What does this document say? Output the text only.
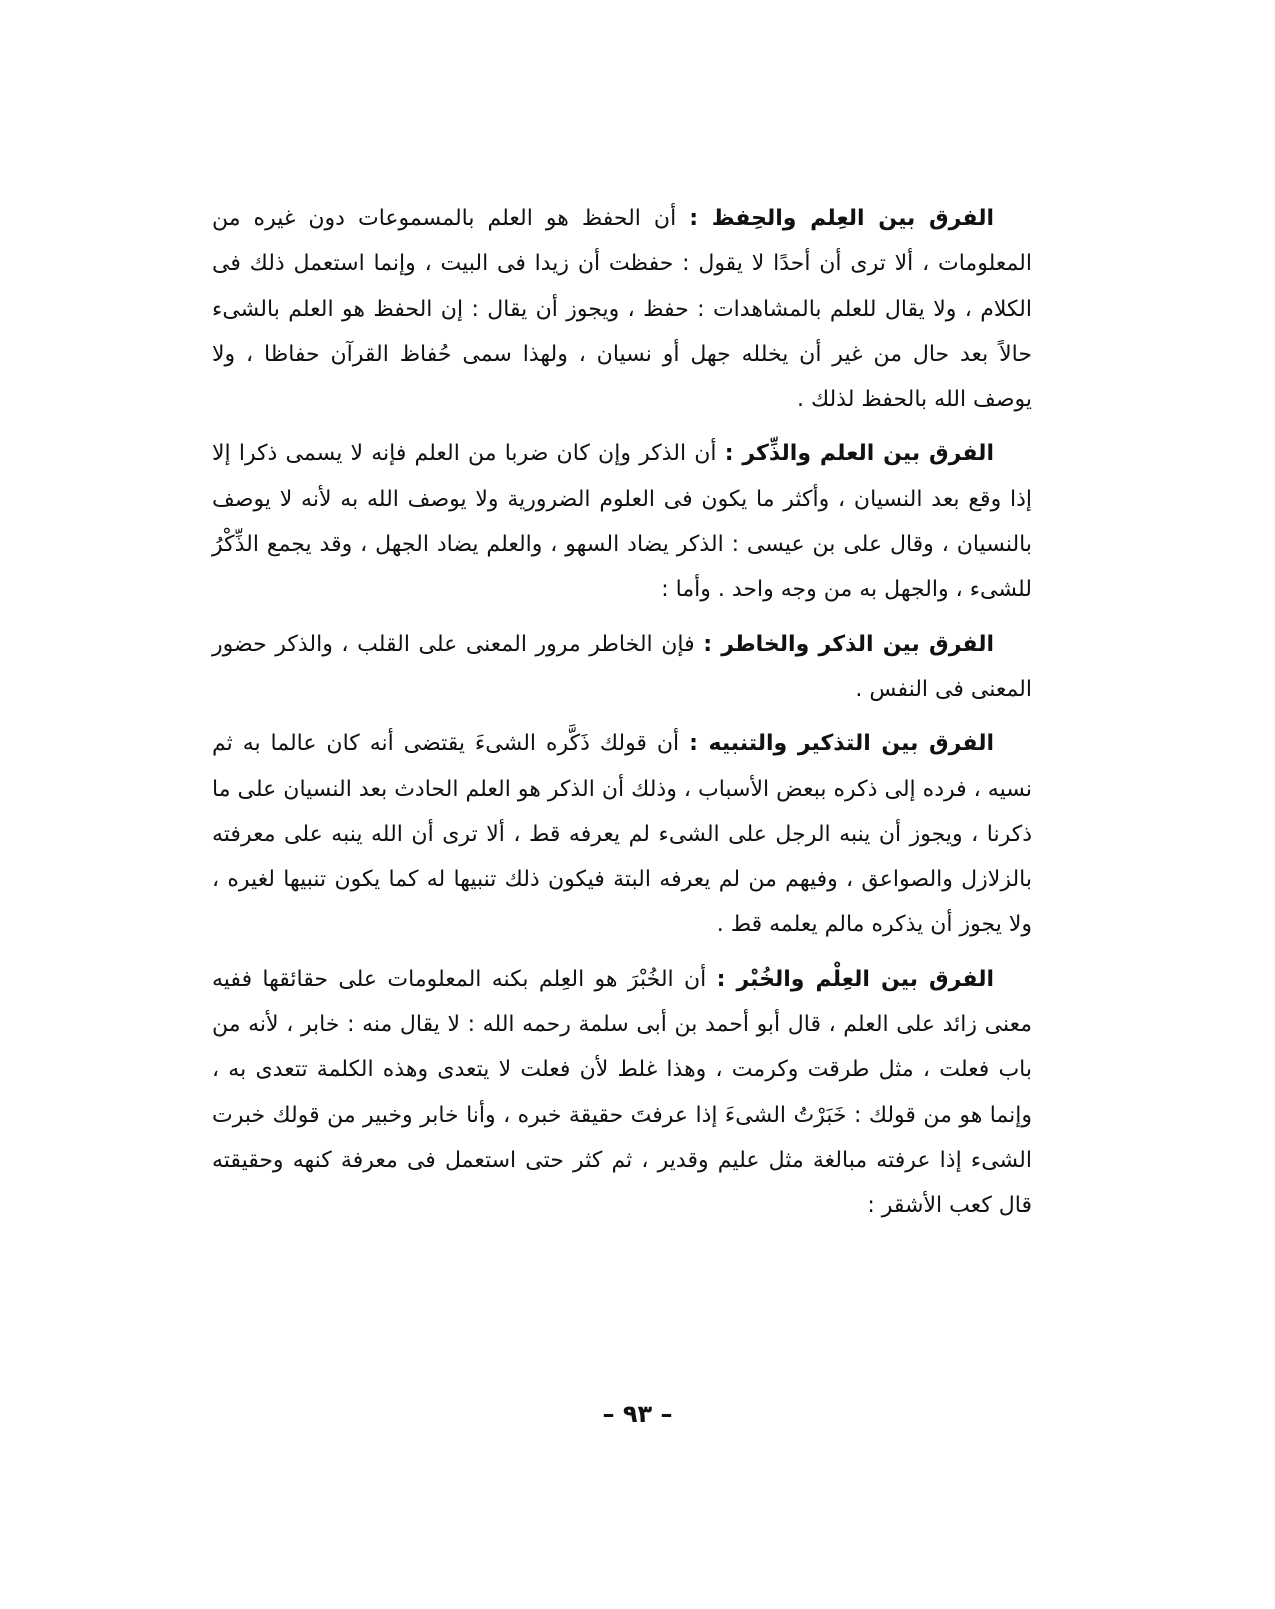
الفرق بين العِلم والحِفظ : أن الحفظ هو العلم بالمسموعات دون غيره من المعلومات ، ألا ترى أن أحدًا لا يقول : حفظت أن زيدا فى البيت ، وإنما استعمل ذلك فى الكلام ، ولا يقال للعلم بالمشاهدات : حفظ ، ويجوز أن يقال : إن الحفظ هو العلم بالشىء حالاً بعد حال من غير أن يخلله جهل أو نسيان ، ولهذا سمى حُفاظ القرآن حفاظا ، ولا يوصف الله بالحفظ لذلك .

الفرق بين العلم والذِّكر : أن الذكر وإن كان ضربا من العلم فإنه لا يسمى ذكرا إلا إذا وقع بعد النسيان ، وأكثر ما يكون فى العلوم الضرورية ولا يوصف الله به لأنه لا يوصف بالنسيان ، وقال على بن عيسى : الذكر يضاد السهو ، والعلم يضاد الجهل ، وقد يجمع الذِّكْرُ للشىء ، والجهل به من وجه واحد . وأما :

الفرق بين الذكر والخاطر : فإن الخاطر مرور المعنى على القلب ، والذكر حضور المعنى فى النفس .

الفرق بين التذكير والتنبيه : أن قولك ذَكَّره الشىءَ يقتضى أنه كان عالما به ثم نسيه ، فرده إلى ذكره ببعض الأسباب ، وذلك أن الذكر هو العلم الحادث بعد النسيان على ما ذكرنا ، ويجوز أن ينبه الرجل على الشىء لم يعرفه قط ، ألا ترى أن الله ينبه على معرفته بالزلازل والصواعق ، وفيهم من لم يعرفه البتة فيكون ذلك تنبيها له كما يكون تنبيها لغيره ، ولا يجوز أن يذكره مالم يعلمه قط .

الفرق بين العِلْم والخُبْر : أن الخُبْرَ هو العِلم بكنه المعلومات على حقائقها ففيه معنى زائد على العلم ، قال أبو أحمد بن أبى سلمة رحمه الله : لا يقال منه : خابر ، لأنه من باب فعلت ، مثل طرقت وكرمت ، وهذا غلط لأن فعلت لا يتعدى وهذه الكلمة تتعدى به ، وإنما هو من قولك : خَبَرْتُ الشىءَ إذا عرفتَ حقيقة خبره ، وأنا خابر وخبير من قولك خبرت الشىء إذا عرفته مبالغة مثل عليم وقدير ، ثم كثر حتى استعمل فى معرفة كنهه وحقيقته قال كعب الأشقر :

– ٩٣ –
